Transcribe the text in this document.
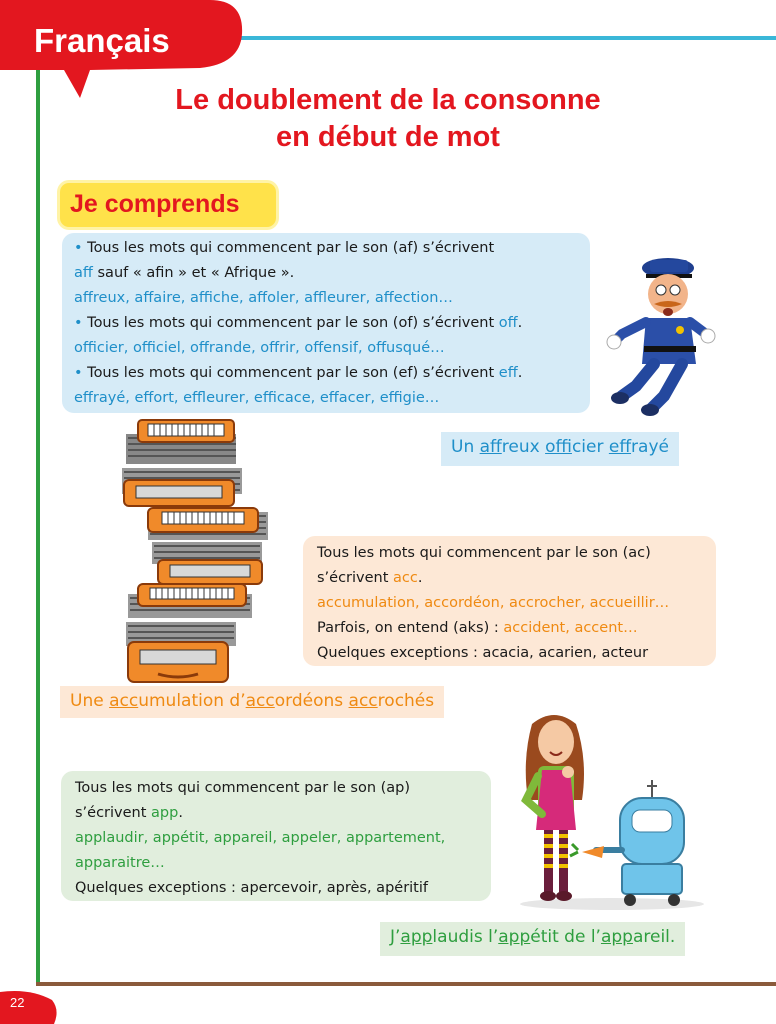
Français
Le doublement de la consonne
en début de mot
Je comprends
• Tous les mots qui commencent par le son (af) s’écrivent
aff sauf « afin » et « Afrique ».
affreux, affaire, affiche, affoler, affleurer, affection…
• Tous les mots qui commencent par le son (of) s’écrivent off.
officier, officiel, offrande, offrir, offensif, offusqué…
• Tous les mots qui commencent par le son (ef) s’écrivent eff.
effrayé, effort, effleurer, efficace, effacer, effigie…
Un affreux officier effrayé
Tous les mots qui commencent par le son (ac)
s’écrivent acc.
accumulation, accordéon, accrocher, accueillir…
Parfois, on entend (aks) : accident, accent…
Quelques exceptions : acacia, acarien, acteur
Une accumulation d’accordéons accrochés
Tous les mots qui commencent par le son (ap)
s’écrivent app.
applaudir, appétit, appareil, appeler, appartement,
apparaitre…
Quelques exceptions : apercevoir, après, apéritif
J’applaudis l’appétit de l’appareil.
22
